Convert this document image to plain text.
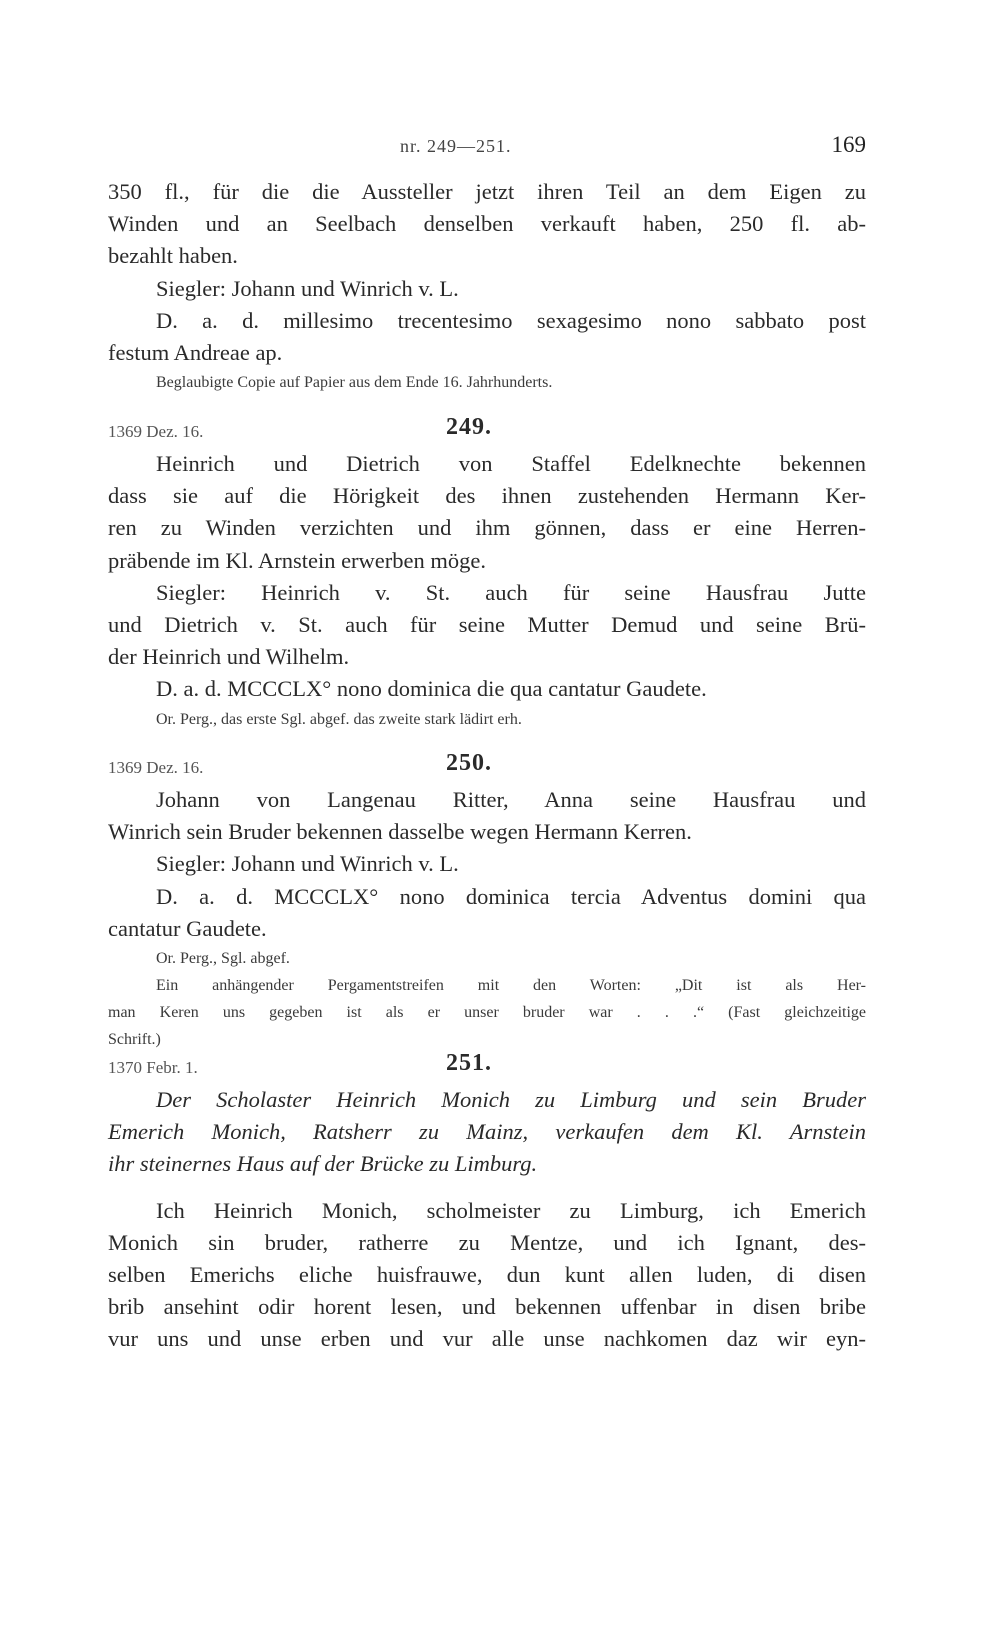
nr. 249—251.	169

350 fl., für die die Aussteller jetzt ihren Teil an dem Eigen zu

Winden und an Seelbach denselben verkauft haben, 250 fl. ab-

bezahlt haben.

Siegler: Johann und Winrich v. L.

D. a. d. millesimo trecentesimo sexagesimo nono sabbato post

festum Andreae ap.

Beglaubigte Copie auf Papier aus dem Ende 16. Jahrhunderts.

1369 Dez. 16.	249.

Heinrich und Dietrich von Staffel Edelknechte bekennen

dass sie auf die Hörigkeit des ihnen zustehenden Hermann Ker-

ren zu Winden verzichten und ihm gönnen, dass er eine Herren-

präbende im Kl. Arnstein erwerben möge.

Siegler: Heinrich v. St. auch für seine Hausfrau Jutte

und Dietrich v. St. auch für seine Mutter Demud und seine Brü-

der Heinrich und Wilhelm.

D. a. d. MCCCLX° nono dominica die qua cantatur Gaudete.

Or. Perg., das erste Sgl. abgef. das zweite stark lädirt erh.

1369 Dez. 16.	250.

Johann von Langenau Ritter, Anna seine Hausfrau und

Winrich sein Bruder bekennen dasselbe wegen Hermann Kerren.

Siegler: Johann und Winrich v. L.

D. a. d. MCCCLX° nono dominica tercia Adventus domini qua

cantatur Gaudete.

Or. Perg., Sgl. abgef.

Ein anhängender Pergamentstreifen mit den Worten: „Dit ist als Her-

man Keren uns gegeben ist als er unser bruder war . . .“ (Fast gleichzeitige

Schrift.)

1370 Febr. 1.	251.

Der Scholaster Heinrich Monich zu Limburg und sein Bruder

Emerich Monich, Ratsherr zu Mainz, verkaufen dem Kl. Arnstein

ihr steinernes Haus auf der Brücke zu Limburg.

Ich Heinrich Monich, scholmeister zu Limburg, ich Emerich

Monich sin bruder, ratherre zu Mentze, und ich Ignant, des-

selben Emerichs eliche huisfrauwe, dun kunt allen luden, di disen

brib ansehint odir horent lesen, und bekennen uffenbar in disen bribe

vur uns und unse erben und vur alle unse nachkomen daz wir eyn-
